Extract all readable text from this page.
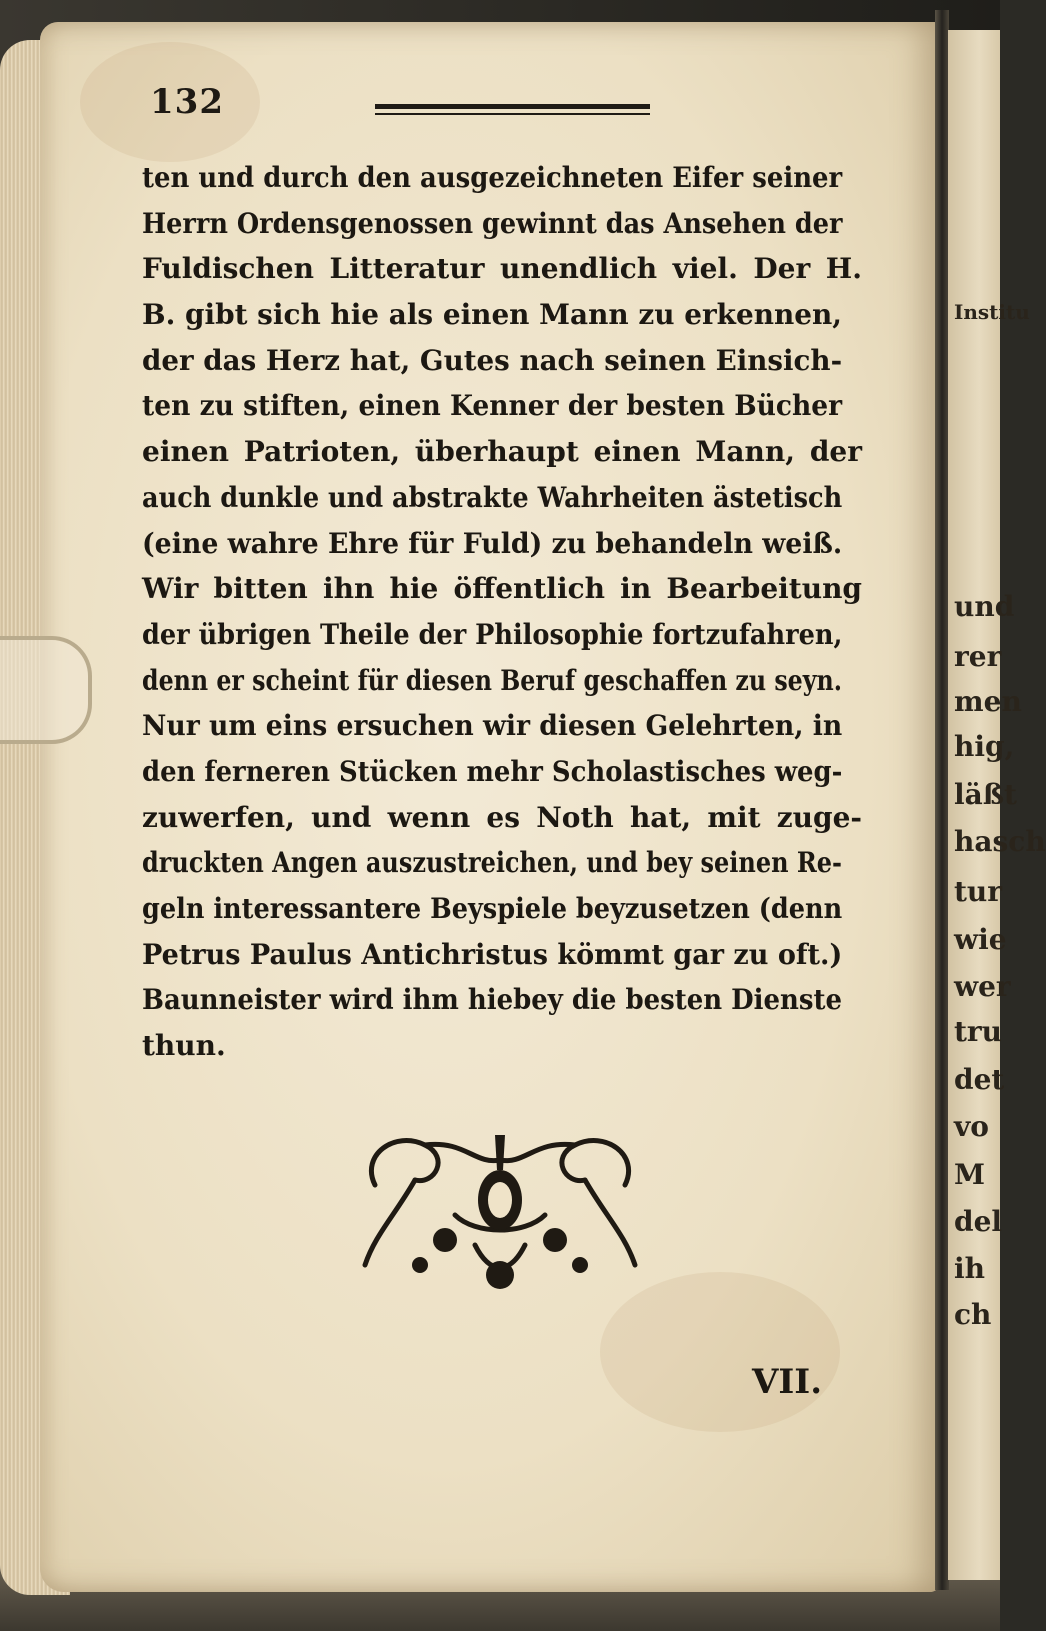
Institu
und
rer
men
hig,
läßt
hasch
tur
wie
wer
tru
det
vo
M
del
ih
ch
132
ten und durch den ausgezeichneten Eifer seiner
Herrn Ordensgenossen gewinnt das Ansehen der
Fuldischen Litteratur unendlich viel. Der H.
B. gibt sich hie als einen Mann zu erkennen,
der das Herz hat, Gutes nach seinen Einsich-
ten zu stiften, einen Kenner der besten Bücher
einen Patrioten, überhaupt einen Mann, der
auch dunkle und abstrakte Wahrheiten ästetisch
(eine wahre Ehre für Fuld) zu behandeln weiß.
Wir bitten ihn hie öffentlich in Bearbeitung
der übrigen Theile der Philosophie fortzufahren,
denn er scheint für diesen Beruf geschaffen zu seyn.
Nur um eins ersuchen wir diesen Gelehrten, in
den ferneren Stücken mehr Scholastisches weg-
zuwerfen, und wenn es Noth hat, mit zuge-
druckten Angen auszustreichen, und bey seinen Re-
geln interessantere Beyspiele beyzusetzen (denn
Petrus Paulus Antichristus kömmt gar zu oft.)
Baunneister wird ihm hiebey die besten Dienste
thun.
VII.
